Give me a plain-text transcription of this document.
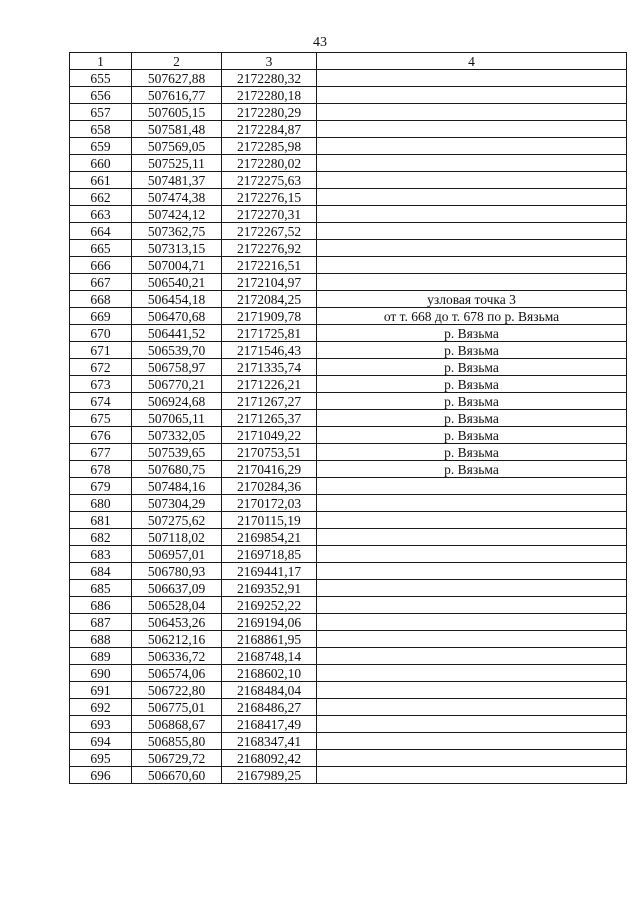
43
1	2	3	4
655	507627,88	2172280,32	
656	507616,77	2172280,18	
657	507605,15	2172280,29	
658	507581,48	2172284,87	
659	507569,05	2172285,98	
660	507525,11	2172280,02	
661	507481,37	2172275,63	
662	507474,38	2172276,15	
663	507424,12	2172270,31	
664	507362,75	2172267,52	
665	507313,15	2172276,92	
666	507004,71	2172216,51	
667	506540,21	2172104,97	
668	506454,18	2172084,25	узловая точка 3
669	506470,68	2171909,78	от т. 668 до т. 678 по р. Вязьма
670	506441,52	2171725,81	р. Вязьма
671	506539,70	2171546,43	р. Вязьма
672	506758,97	2171335,74	р. Вязьма
673	506770,21	2171226,21	р. Вязьма
674	506924,68	2171267,27	р. Вязьма
675	507065,11	2171265,37	р. Вязьма
676	507332,05	2171049,22	р. Вязьма
677	507539,65	2170753,51	р. Вязьма
678	507680,75	2170416,29	р. Вязьма
679	507484,16	2170284,36	
680	507304,29	2170172,03	
681	507275,62	2170115,19	
682	507118,02	2169854,21	
683	506957,01	2169718,85	
684	506780,93	2169441,17	
685	506637,09	2169352,91	
686	506528,04	2169252,22	
687	506453,26	2169194,06	
688	506212,16	2168861,95	
689	506336,72	2168748,14	
690	506574,06	2168602,10	
691	506722,80	2168484,04	
692	506775,01	2168486,27	
693	506868,67	2168417,49	
694	506855,80	2168347,41	
695	506729,72	2168092,42	
696	506670,60	2167989,25	
